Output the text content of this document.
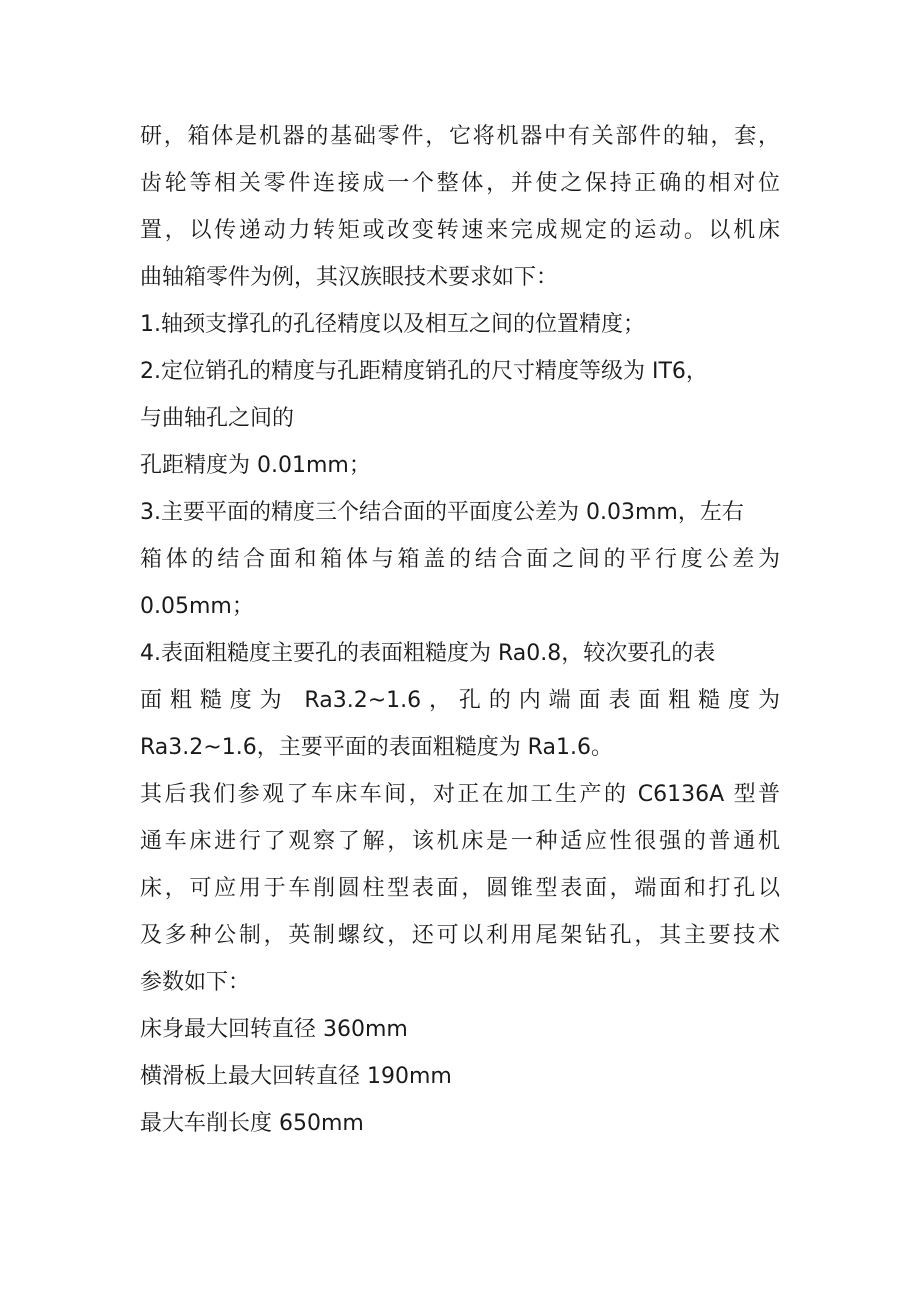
研，箱体是机器的基础零件，它将机器中有关部件的轴，套，
齿轮等相关零件连接成一个整体，并使之保持正确的相对位
置，以传递动力转矩或改变转速来完成规定的运动。以机床
曲轴箱零件为例，其汉族眼技术要求如下：
1.轴颈支撑孔的孔径精度以及相互之间的位置精度；
2.定位销孔的精度与孔距精度销孔的尺寸精度等级为 IT6，
与曲轴孔之间的
孔距精度为 0.01mm；
3.主要平面的精度三个结合面的平面度公差为 0.03mm，左右
箱体的结合面和箱体与箱盖的结合面之间的平行度公差为
0.05mm；
4.表面粗糙度主要孔的表面粗糙度为 Ra0.8，较次要孔的表
面粗糙度为 Ra3.2~1.6，孔的内端面表面粗糙度为
Ra3.2~1.6，主要平面的表面粗糙度为 Ra1.6。
其后我们参观了车床车间，对正在加工生产的 C6136A 型普
通车床进行了观察了解，该机床是一种适应性很强的普通机
床，可应用于车削圆柱型表面，圆锥型表面，端面和打孔以
及多种公制，英制螺纹，还可以利用尾架钻孔，其主要技术
参数如下：
床身最大回转直径 360mm
横滑板上最大回转直径 190mm
最大车削长度 650mm
